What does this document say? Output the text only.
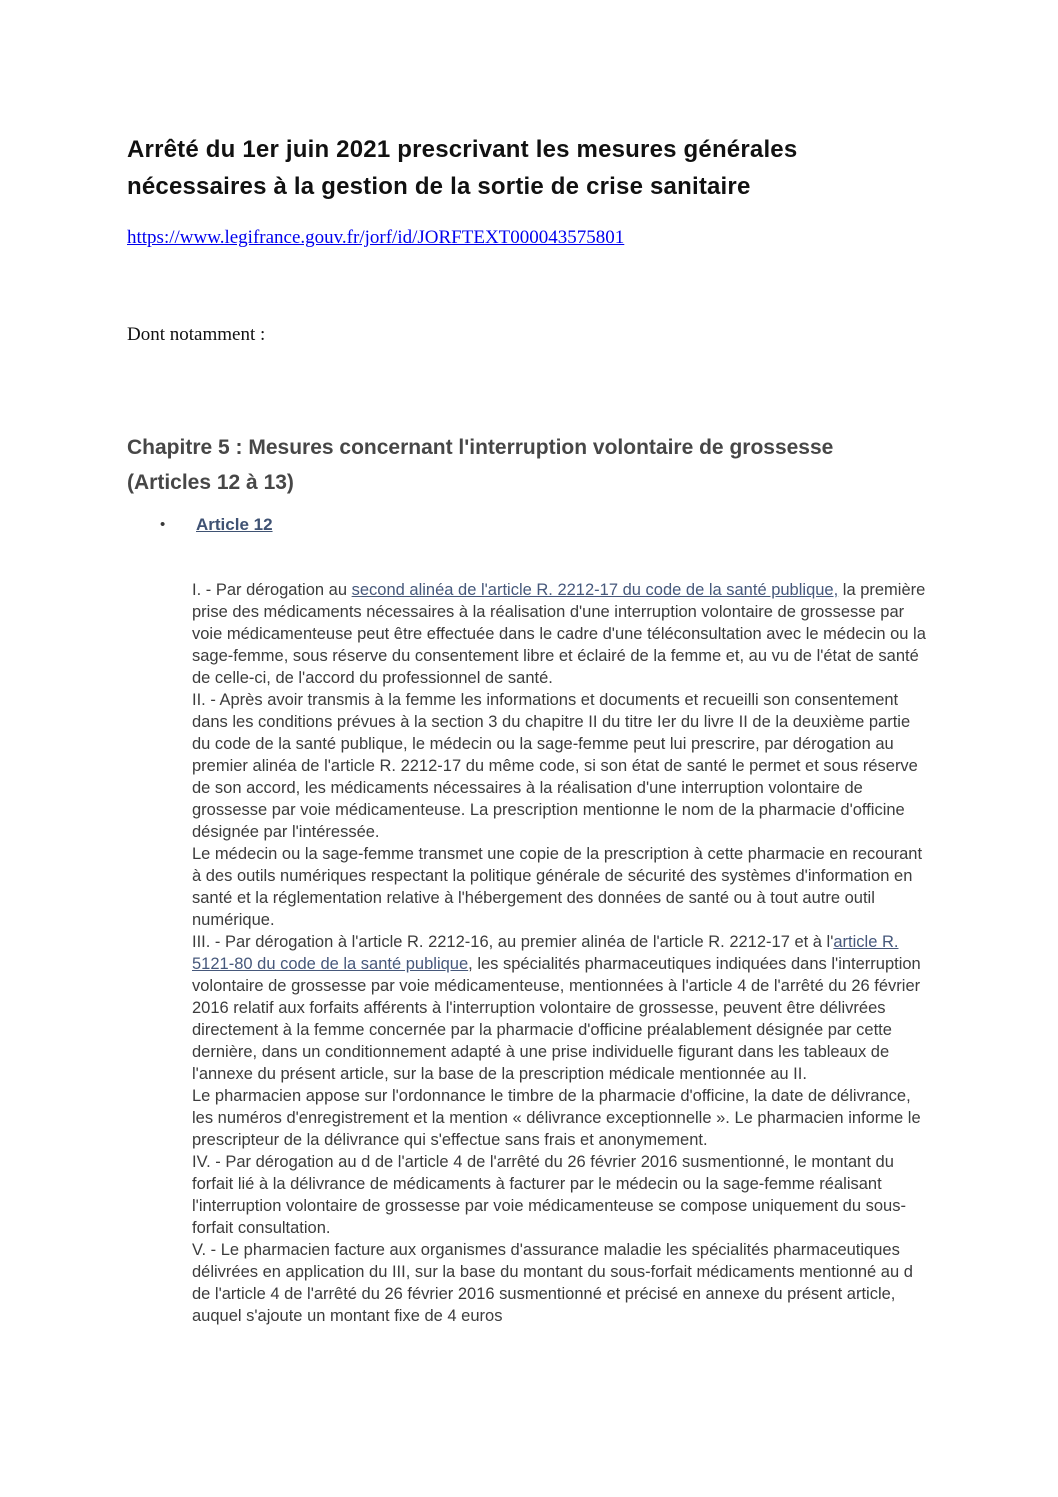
Arrêté du 1er juin 2021 prescrivant les mesures générales nécessaires à la gestion de la sortie de crise sanitaire
https://www.legifrance.gouv.fr/jorf/id/JORFTEXT000043575801

Dont notamment :

Chapitre 5 : Mesures concernant l'interruption volontaire de grossesse (Articles 12 à 13)
• Article 12

I. - Par dérogation au second alinéa de l'article R. 2212-17 du code de la santé publique, la première prise des médicaments nécessaires à la réalisation d'une interruption volontaire de grossesse par voie médicamenteuse peut être effectuée dans le cadre d'une téléconsultation avec le médecin ou la sage-femme, sous réserve du consentement libre et éclairé de la femme et, au vu de l'état de santé de celle-ci, de l'accord du professionnel de santé.

II. - Après avoir transmis à la femme les informations et documents et recueilli son consentement dans les conditions prévues à la section 3 du chapitre II du titre Ier du livre II de la deuxième partie du code de la santé publique, le médecin ou la sage-femme peut lui prescrire, par dérogation au premier alinéa de l'article R. 2212-17 du même code, si son état de santé le permet et sous réserve de son accord, les médicaments nécessaires à la réalisation d'une interruption volontaire de grossesse par voie médicamenteuse. La prescription mentionne le nom de la pharmacie d'officine désignée par l'intéressée.

Le médecin ou la sage-femme transmet une copie de la prescription à cette pharmacie en recourant à des outils numériques respectant la politique générale de sécurité des systèmes d'information en santé et la réglementation relative à l'hébergement des données de santé ou à tout autre outil numérique.

III. - Par dérogation à l'article R. 2212-16, au premier alinéa de l'article R. 2212-17 et à l'article R. 5121-80 du code de la santé publique, les spécialités pharmaceutiques indiquées dans l'interruption volontaire de grossesse par voie médicamenteuse, mentionnées à l'article 4 de l'arrêté du 26 février 2016 relatif aux forfaits afférents à l'interruption volontaire de grossesse, peuvent être délivrées directement à la femme concernée par la pharmacie d'officine préalablement désignée par cette dernière, dans un conditionnement adapté à une prise individuelle figurant dans les tableaux de l'annexe du présent article, sur la base de la prescription médicale mentionnée au II.

Le pharmacien appose sur l'ordonnance le timbre de la pharmacie d'officine, la date de délivrance, les numéros d'enregistrement et la mention « délivrance exceptionnelle ». Le pharmacien informe le prescripteur de la délivrance qui s'effectue sans frais et anonymement.

IV. - Par dérogation au d de l'article 4 de l'arrêté du 26 février 2016 susmentionné, le montant du forfait lié à la délivrance de médicaments à facturer par le médecin ou la sage-femme réalisant l'interruption volontaire de grossesse par voie médicamenteuse se compose uniquement du sous-forfait consultation.

V. - Le pharmacien facture aux organismes d'assurance maladie les spécialités pharmaceutiques délivrées en application du III, sur la base du montant du sous-forfait médicaments mentionné au d de l'article 4 de l'arrêté du 26 février 2016 susmentionné et précisé en annexe du présent article, auquel s'ajoute un montant fixe de 4 euros
